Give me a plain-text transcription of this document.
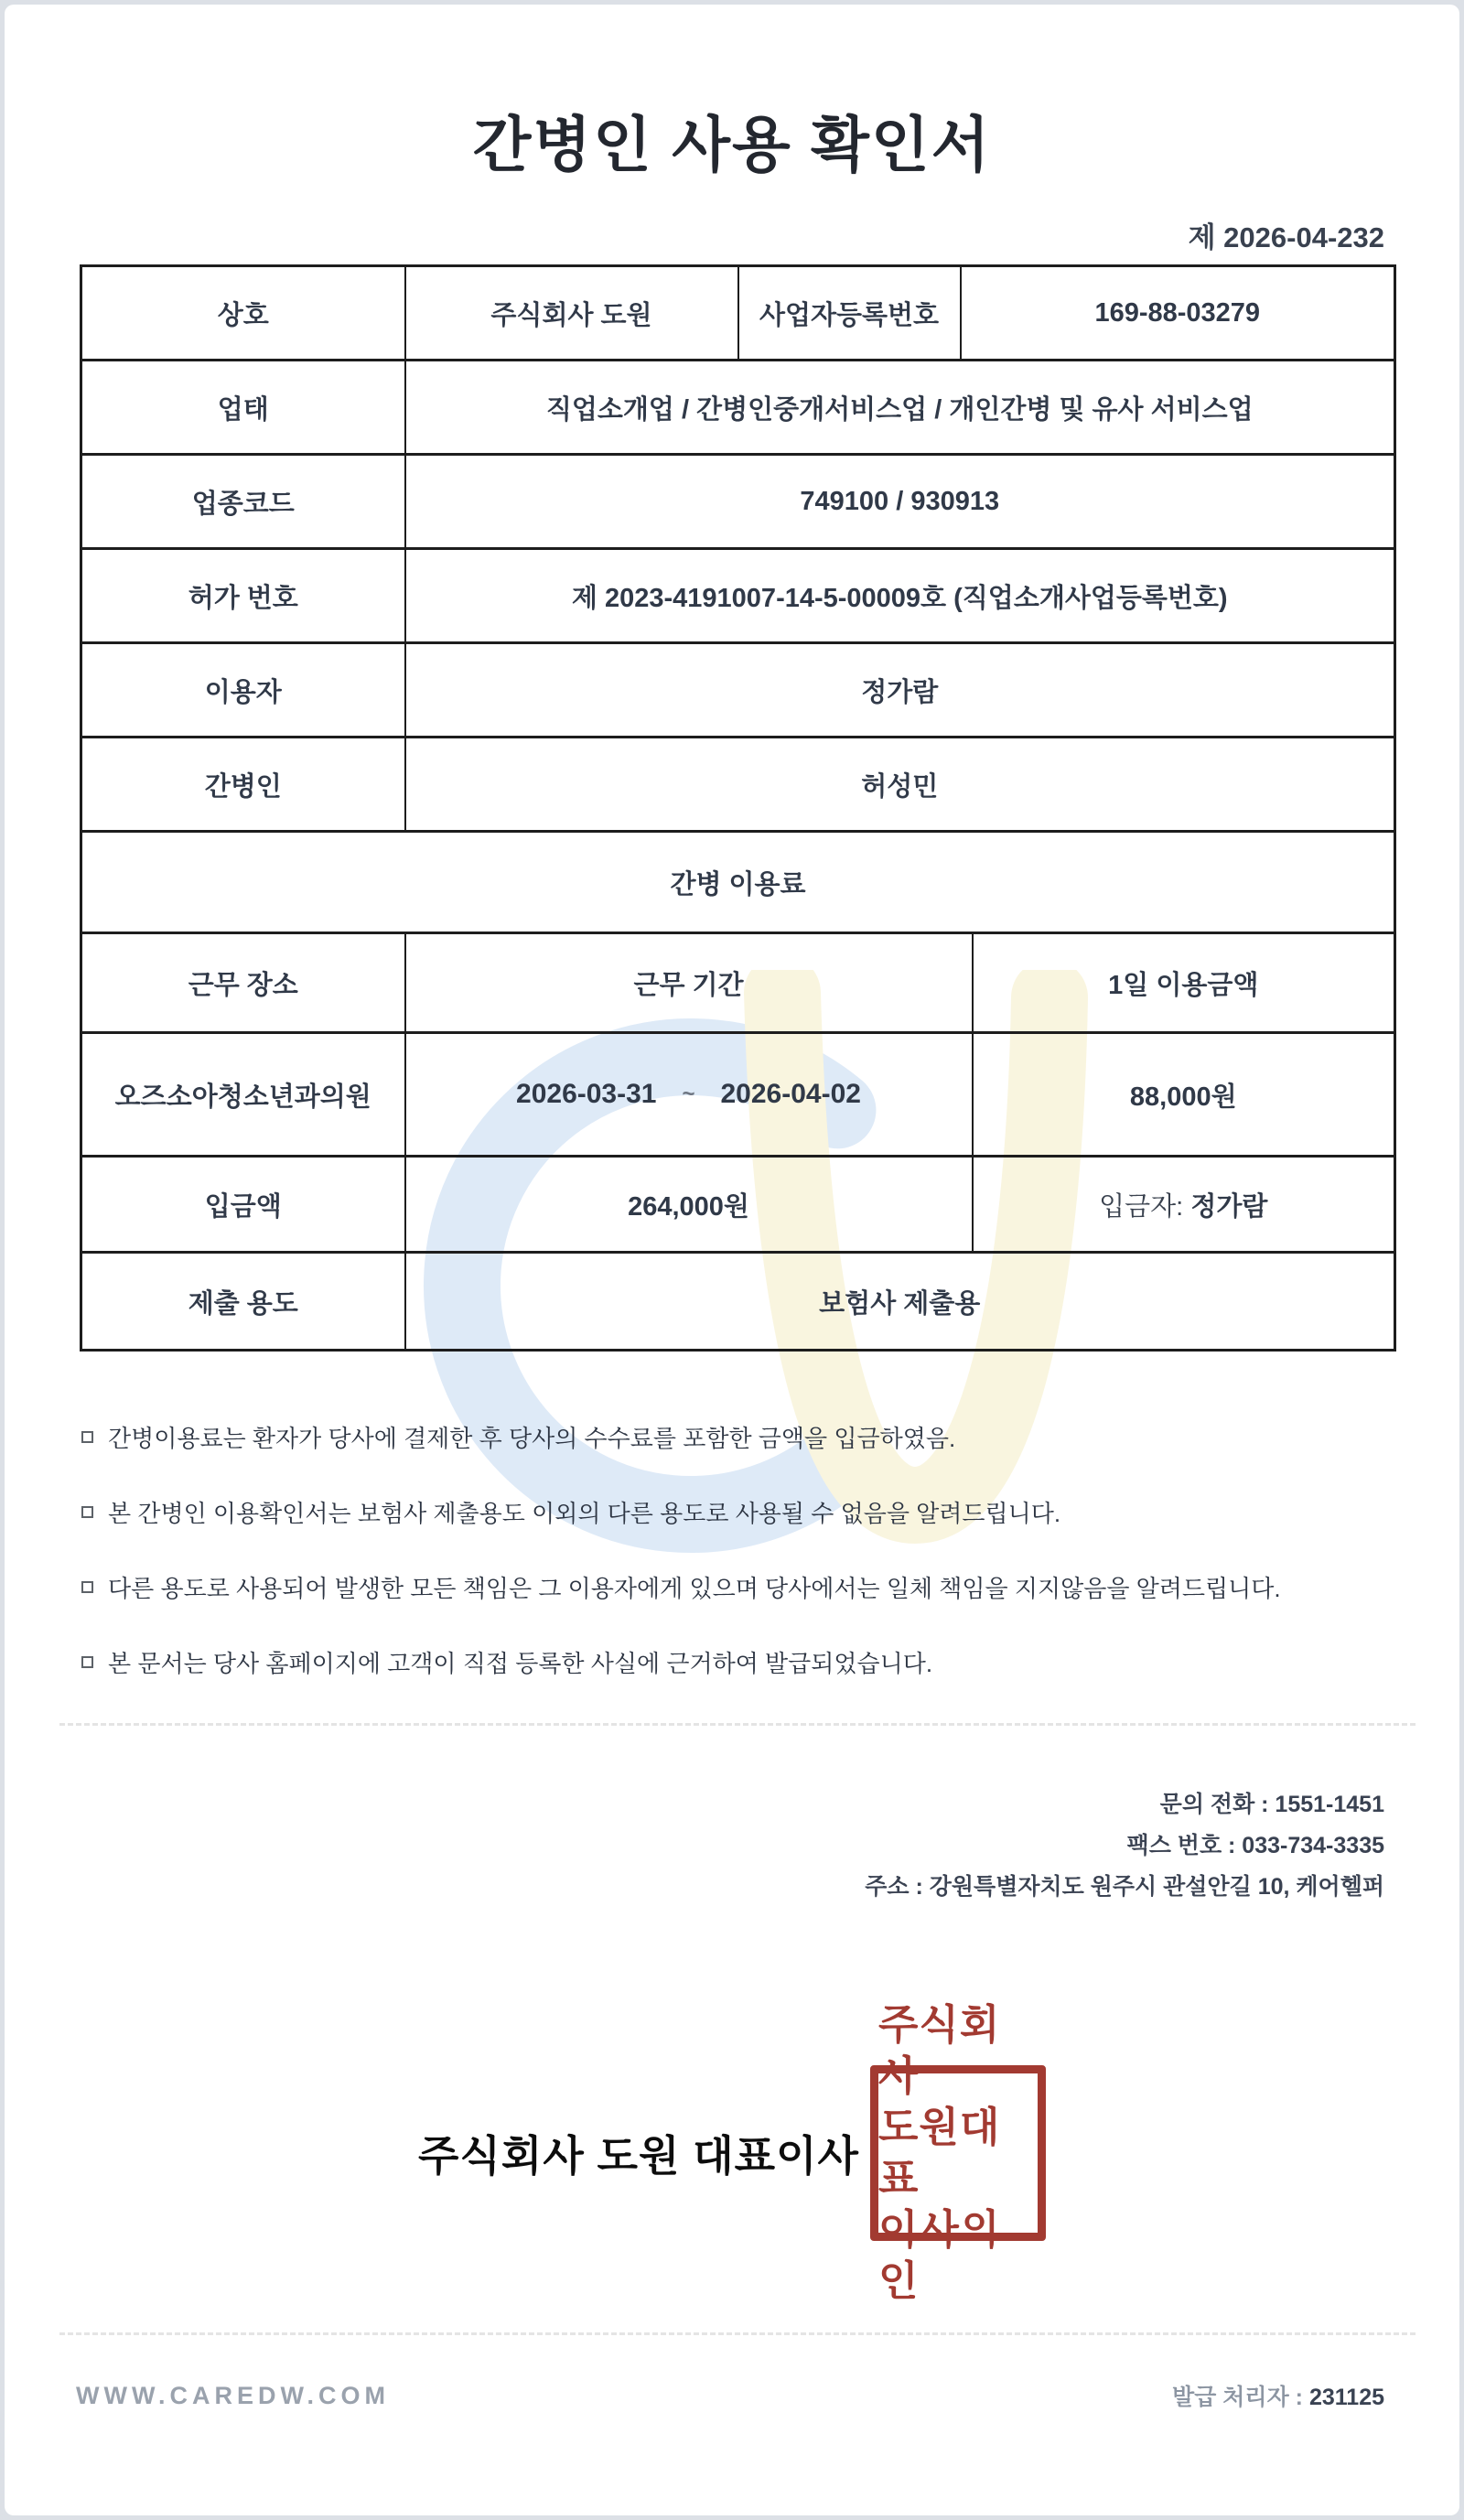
간병인 사용 확인서
제 2026-04-232
상호	주식회사 도원	사업자등록번호	169-88-03279	
업태	직업소개업 / 간병인중개서비스업 / 개인간병 및 유사 서비스업			
업종코드	749100 / 930913			
허가 번호	제 2023-4191007-14-5-00009호 (직업소개사업등록번호)			
이용자	정가람			
간병인	허성민			
간병 이용료				
근무 장소	근무 기간			1일 이용금액
오즈소아청소년과의원	2026-03-31 ~ 2026-04-02			88,000원
입금액	264,000원			입금자: 정가람
제출 용도	보험사 제출용			
간병이용료는 환자가 당사에 결제한 후 당사의 수수료를 포함한 금액을 입금하였음.
본 간병인 이용확인서는 보험사 제출용도 이외의 다른 용도로 사용될 수 없음을 알려드립니다.
다른 용도로 사용되어 발생한 모든 책임은 그 이용자에게 있으며 당사에서는 일체 책임을 지지않음을 알려드립니다.
본 문서는 당사 홈페이지에 고객이 직접 등록한 사실에 근거하여 발급되었습니다.
문의 전화 : 1551-1451
팩스 번호 : 033-734-3335
주소 : 강원특별자치도 원주시 관설안길 10, 케어헬퍼
주식회사 도원 대표이사
주식회사
도원대표
이사의인
WWW.CAREDW.COM	발급 처리자 : 231125
